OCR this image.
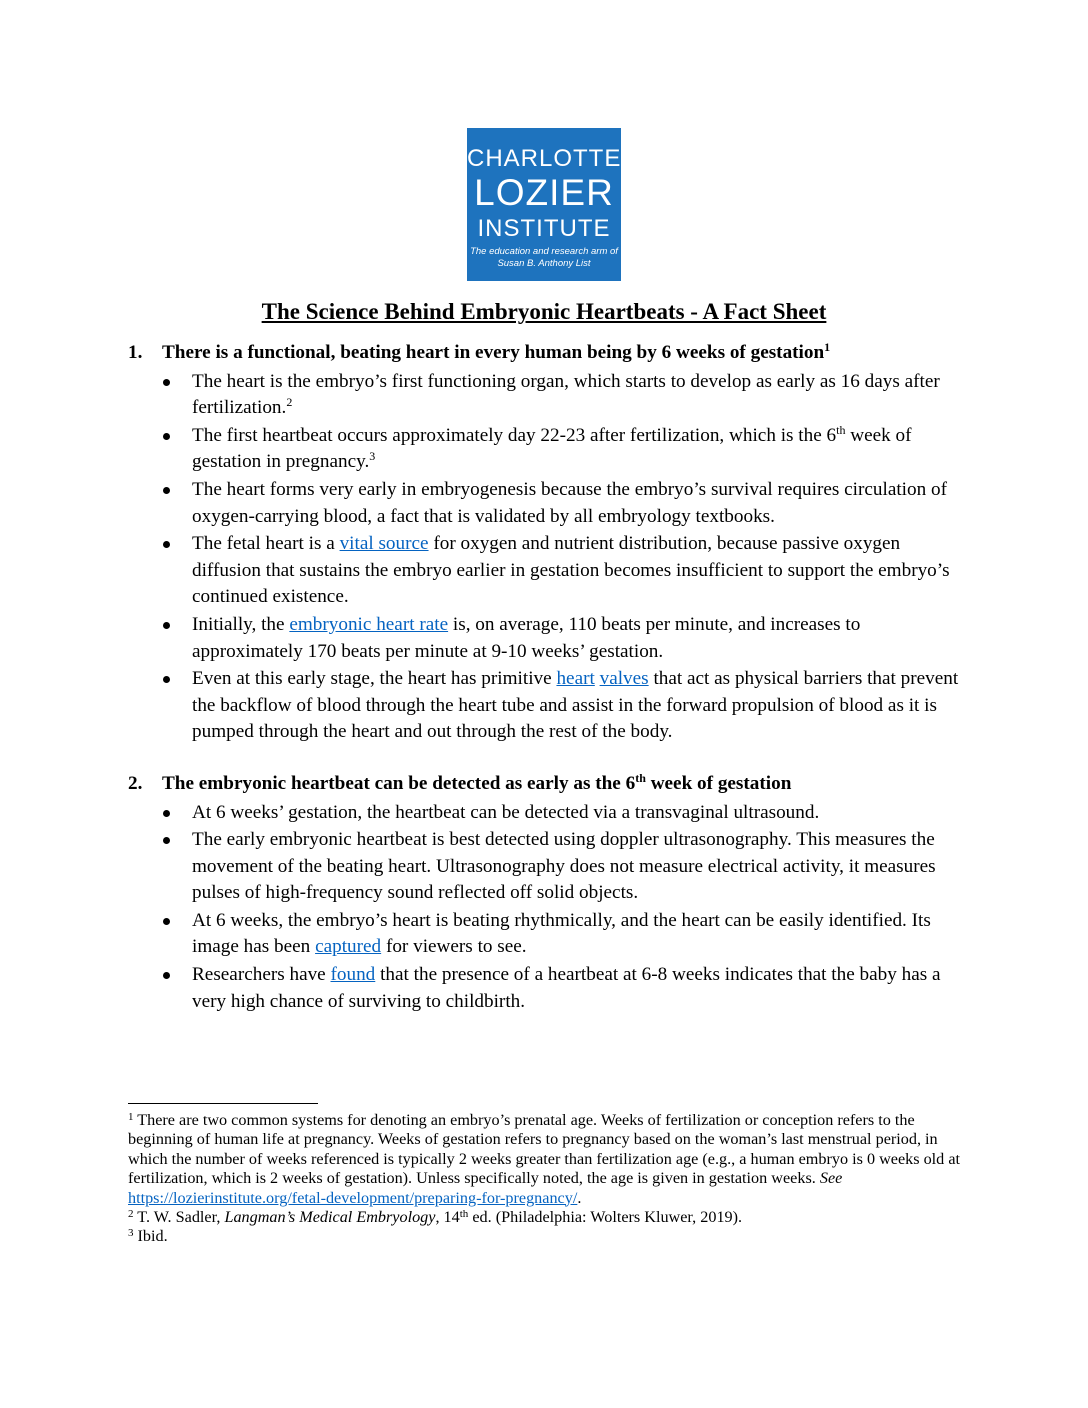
CHARLOTTE
LOZIER
INSTITUTE
The education and research arm of
Susan B. Anthony List
The Science Behind Embryonic Heartbeats - A Fact Sheet

1. There is a functional, beating heart in every human being by 6 weeks of gestation$^1$

The heart is the embryo’s first functioning organ, which starts to develop as early as 16 days after fertilization.$^2$
The first heartbeat occurs approximately day 22-23 after fertilization, which is the 6th week of gestation in pregnancy.$^3$
The heart forms very early in embryogenesis because the embryo’s survival requires circulation of oxygen-carrying blood, a fact that is validated by all embryology textbooks.
The fetal heart is a vital source for oxygen and nutrient distribution, because passive oxygen diffusion that sustains the embryo earlier in gestation becomes insufficient to support the embryo’s continued existence.
Initially, the embryonic heart rate is, on average, 110 beats per minute, and increases to approximately 170 beats per minute at 9-10 weeks’ gestation.
Even at this early stage, the heart has primitive heart valves that act as physical barriers that prevent the backflow of blood through the heart tube and assist in the forward propulsion of blood as it is pumped through the heart and out through the rest of the body.

2. The embryonic heartbeat can be detected as early as the 6th week of gestation

At 6 weeks’ gestation, the heartbeat can be detected via a transvaginal ultrasound.
The early embryonic heartbeat is best detected using doppler ultrasonography. This measures the movement of the beating heart. Ultrasonography does not measure electrical activity, it measures pulses of high-frequency sound reflected off solid objects.
At 6 weeks, the embryo’s heart is beating rhythmically, and the heart can be easily identified. Its image has been captured for viewers to see.
Researchers have found that the presence of a heartbeat at 6-8 weeks indicates that the baby has a very high chance of surviving to childbirth.

$^1$ There are two common systems for denoting an embryo’s prenatal age. Weeks of fertilization or conception refers to the beginning of human life at pregnancy. Weeks of gestation refers to pregnancy based on the woman’s last menstrual period, in which the number of weeks referenced is typically 2 weeks greater than fertilization age (e.g., a human embryo is 0 weeks old at fertilization, which is 2 weeks of gestation). Unless specifically noted, the age is given in gestation weeks. See
https://lozierinstitute.org/fetal-development/preparing-for-pregnancy/.

$^2$ T. W. Sadler, Langman’s Medical Embryology, 14th ed. (Philadelphia: Wolters Kluwer, 2019).

$^3$ Ibid.
